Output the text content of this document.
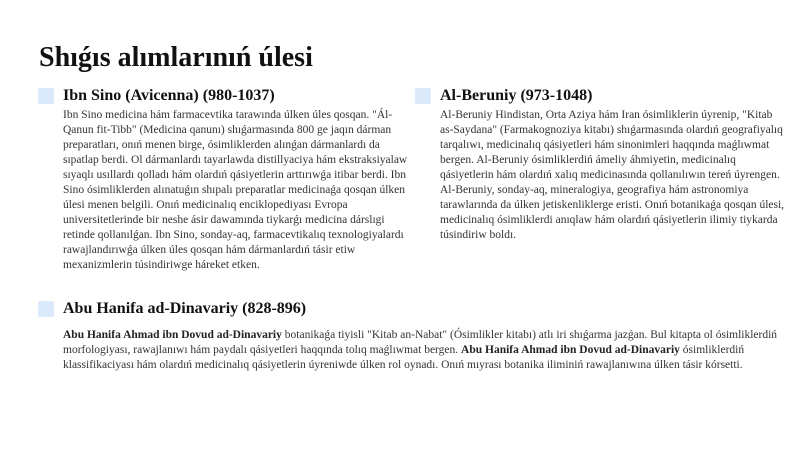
Shıǵıs alımlarınıń úlesi
Ibn Sino (Avicenna) (980-1037)

Ibn Sino medicina hám farmacevtika tarawında úlken úles qosqan. "Ál-Qanun fit-Tibb" (Medicina qanunı) shıǵarmasında 800 ge jaqın dárman preparatları, onıń menen birge, ósimliklerden alınǵan dármanlardı da sıpatlap berdi. Ol dármanlardı tayarlawda distillyaciya hám ekstraksiyalaw sıyaqlı usıllardı qolladı hám olardıń qásiyetlerin arttırıwǵa itibar berdi. Ibn Sino ósimliklerden alınatuǵın shıpalı preparatlar medicinaǵa qosqan úlken úlesi menen belgili. Onıń medicinalıq enciklopediyası Evropa universitetlerinde bir neshe ásir dawamında tiykarǵı medicina dárslıgi retinde qollanılǵan. Ibn Sino, sonday-aq, farmacevtikalıq texnologiyalardı rawajlandırıwǵa úlken úles qosqan hám dármanlardıń tásir etiw mexanizmlerin túsindiriwge háreket etken.

Al-Beruniy (973-1048)

Al-Beruniy Hindistan, Orta Aziya hám Iran ósimliklerin úyrenip, "Kitab as-Saydana" (Farmakognoziya kitabı) shıǵarmasında olardıń geografiyalıq tarqalıwı, medicinalıq qásiyetleri hám sinonimleri haqqında maǵlıwmat bergen. Al-Beruniy ósimliklerdiń ámeliy áhmiyetin, medicinalıq qásiyetlerin hám olardıń xalıq medicinasında qollanılıwın tereń úyrengen. Al-Beruniy, sonday-aq, mineralogiya, geografiya hám astronomiya tarawlarında da úlken jetiskenliklerge eristi. Onıń botanikaǵa qosqan úlesi, medicinalıq ósimliklerdi anıqlaw hám olardıń qásiyetlerin ilimiy tiykarda túsindiriw boldı.

Abu Hanifa ad-Dinavariy (828-896)

Abu Hanifa Ahmad ibn Dovud ad-Dinavariy botanikaǵa tiyisli "Kitab an-Nabat" (Ósimlikler kitabı) atlı iri shıǵarma jazǵan. Bul kitapta ol ósimliklerdiń morfologiyası, rawajlanıwı hám paydalı qásiyetleri haqqında tolıq maǵlıwmat bergen. Abu Hanifa Ahmad ibn Dovud ad-Dinavariy ósimliklerdiń klassifikaciyası hám olardıń medicinalıq qásiyetlerin úyreniwde úlken rol oynadı. Onıń mıyrası botanika iliminiń rawajlanıwına úlken tásir kórsetti.
